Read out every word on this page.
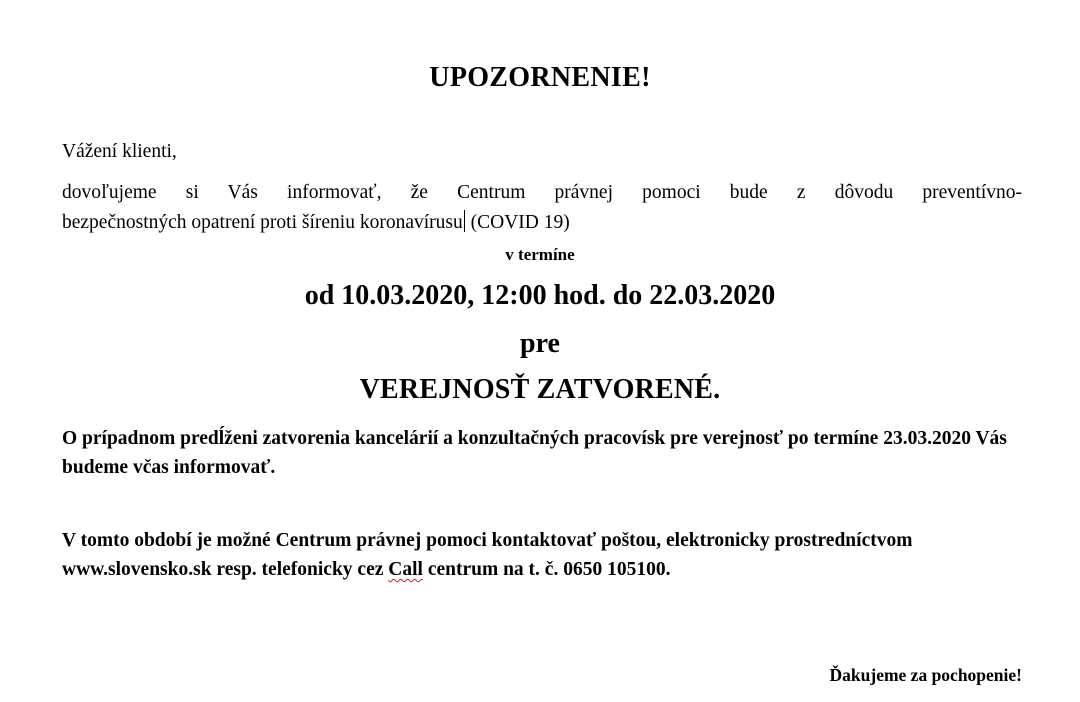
UPOZORNENIE!
Vážení klienti,
dovoľujeme si Vás informovať, že Centrum právnej pomoci bude z dôvodu preventívno-
bezpečnostných opatrení proti šíreniu koronavírusu (COVID 19)
v termíne
od 10.03.2020, 12:00 hod. do 22.03.2020
pre
VEREJNOSŤ ZATVORENÉ.
O prípadnom predĺženi zatvorenia kancelárií a konzultačných pracovísk pre verejnosť po termíne 23.03.2020 Vás budeme včas informovať.
V tomto období je možné Centrum právnej pomoci kontaktovať poštou, elektronicky prostredníctvom www.slovensko.sk resp. telefonicky cez Call centrum na t. č. 0650 105100.
Ďakujeme za pochopenie!
